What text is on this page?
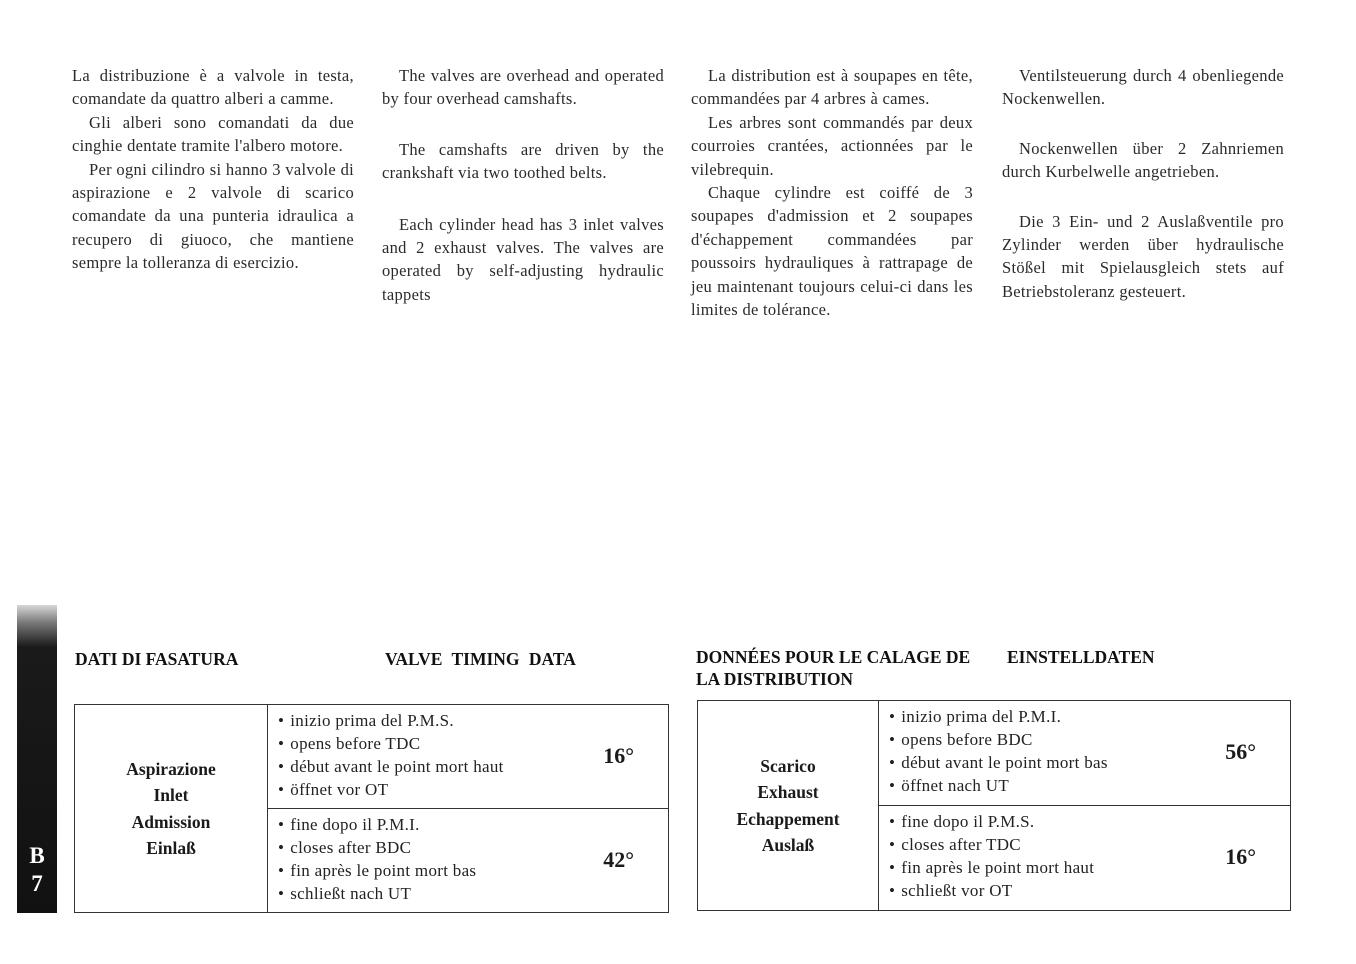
La distribuzione è a valvole in testa, comandate da quattro alberi a camme.

Gli alberi sono comandati da due cinghie dentate tramite l'albero motore.

Per ogni cilindro si hanno 3 valvole di aspirazione e 2 valvole di scarico comandate da una punteria idraulica a recupero di giuoco, che mantiene sempre la tolleranza di esercizio.

The valves are overhead and operated by four overhead camshafts.

The camshafts are driven by the crankshaft via two toothed belts.

Each cylinder head has 3 inlet valves and 2 exhaust valves. The valves are operated by self-adjusting hydraulic tappets

La distribution est à soupapes en tête, commandées par 4 arbres à cames.

Les arbres sont commandés par deux courroies crantées, actionnées par le vilebrequin.

Chaque cylindre est coiffé de 3 soupapes d'admission et 2 soupapes d'échappement commandées par poussoirs hydrauliques à rattrapage de jeu maintenant toujours celui-ci dans les limites de tolérance.

Ventilsteuerung durch 4 obenliegende Nockenwellen.

Nockenwellen über 2 Zahnriemen durch Kurbelwelle angetrieben.

Die 3 Ein- und 2 Auslaßventile pro Zylinder werden über hydraulische Stößel mit Spielausgleich stets auf Betriebstoleranz gesteuert.

B
7
DATI DI FASATURA	VALVE TIMING DATA	DONNÉES POUR LE CALAGE DE LA DISTRIBUTION
EINSTELLDATEN
Aspirazione
Inlet
Admission
Einlaß
• inizio prima del P.M.S.
• opens before TDC
• début avant le point mort haut
• öffnet vor OT
16°
• fine dopo il P.M.I.
• closes after BDC
• fin après le point mort bas
• schließt nach UT
42°
Scarico
Exhaust
Echappement
Auslaß
• inizio prima del P.M.I.
• opens before BDC
• début avant le point mort bas
• öffnet nach UT
56°
• fine dopo il P.M.S.
• closes after TDC
• fin après le point mort haut
• schließt vor OT
16°
